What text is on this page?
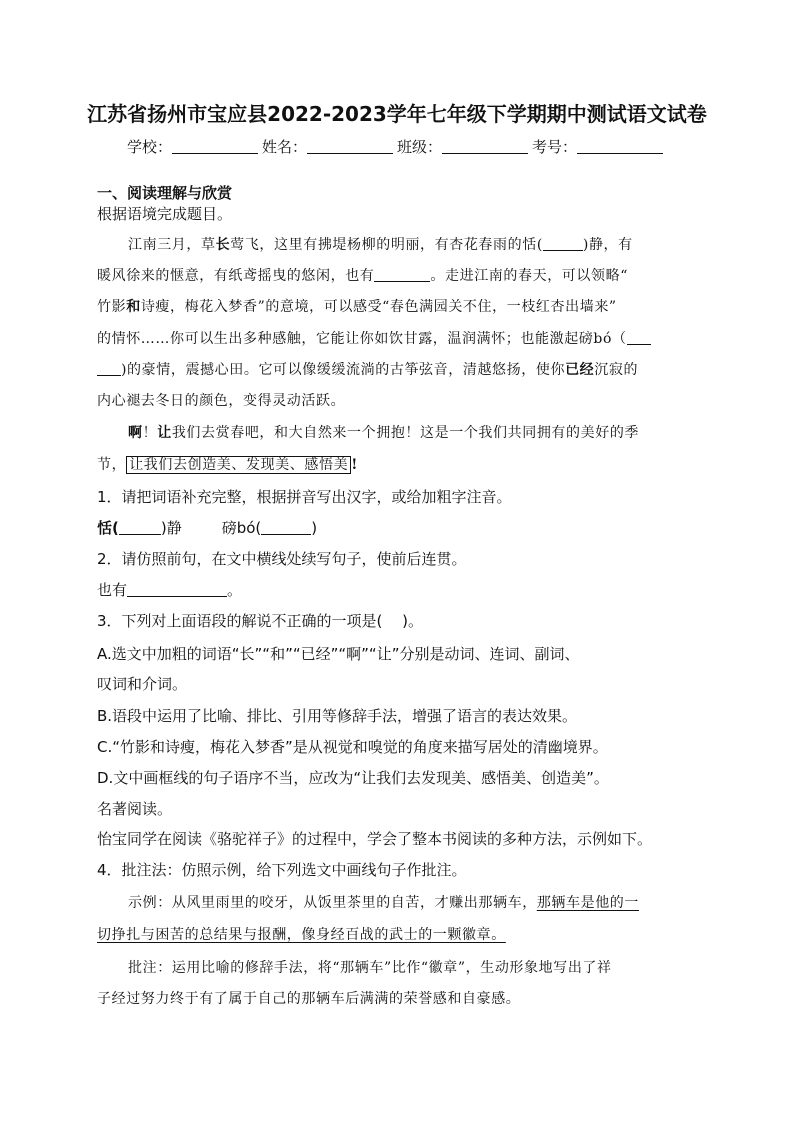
江苏省扬州市宝应县2022-2023学年七年级下学期期中测试语文试卷
学校：	姓名：	班级：	考号：
一、阅读理解与欣赏
根据语境完成题目。
江南三月，草长莺飞，这里有拂堤杨柳的明丽，有杏花春雨的恬(	)静，有
暖风徐来的惬意，有纸鸢摇曳的悠闲，也有	。走进江南的春天，可以领略“
竹影和诗瘦，梅花入梦香”的意境，可以感受“春色满园关不住，一枝红杏出墙来”
的情怀……你可以生出多种感触，它能让你如饮甘露，温润满怀；也能激起磅bó（
)的豪情，震撼心田。它可以像缓缓流淌的古筝弦音，清越悠扬，使你已经沉寂的
内心褪去冬日的颜色，变得灵动活跃。
啊！让我们去赏春吧，和大自然来一个拥抱！这是一个我们共同拥有的美好的季
节， 让我们去创造美、发现美、感悟美 !
1．请把词语补充完整，根据拼音写出汉字，或给加粗字注音。
恬(	)静	磅bó(	)
2．请仿照前句，在文中横线处续写句子，使前后连贯。
也有	。
3．下列对上面语段的解说不正确的一项是(　 )。
A.选文中加粗的词语“长”“和”“已经”“啊”“让”分别是动词、连词、副词、
叹词和介词。
B.语段中运用了比喻、排比、引用等修辞手法，增强了语言的表达效果。
C.“竹影和诗瘦，梅花入梦香”是从视觉和嗅觉的角度来描写居处的清幽境界。
D.文中画框线的句子语序不当，应改为“让我们去发现美、感悟美、创造美”。
名著阅读。
怡宝同学在阅读《骆驼祥子》的过程中，学会了整本书阅读的多种方法，示例如下。
4．批注法：仿照示例，给下列选文中画线句子作批注。
示例：从风里雨里的咬牙，从饭里茶里的自苦，才赚出那辆车，那辆车是他的一
切挣扎与困苦的总结果与报酬，像身经百战的武士的一颗徽章。
批注：运用比喻的修辞手法，将“那辆车”比作“徽章”，生动形象地写出了祥
子经过努力终于有了属于自己的那辆车后满满的荣誉感和自豪感。
